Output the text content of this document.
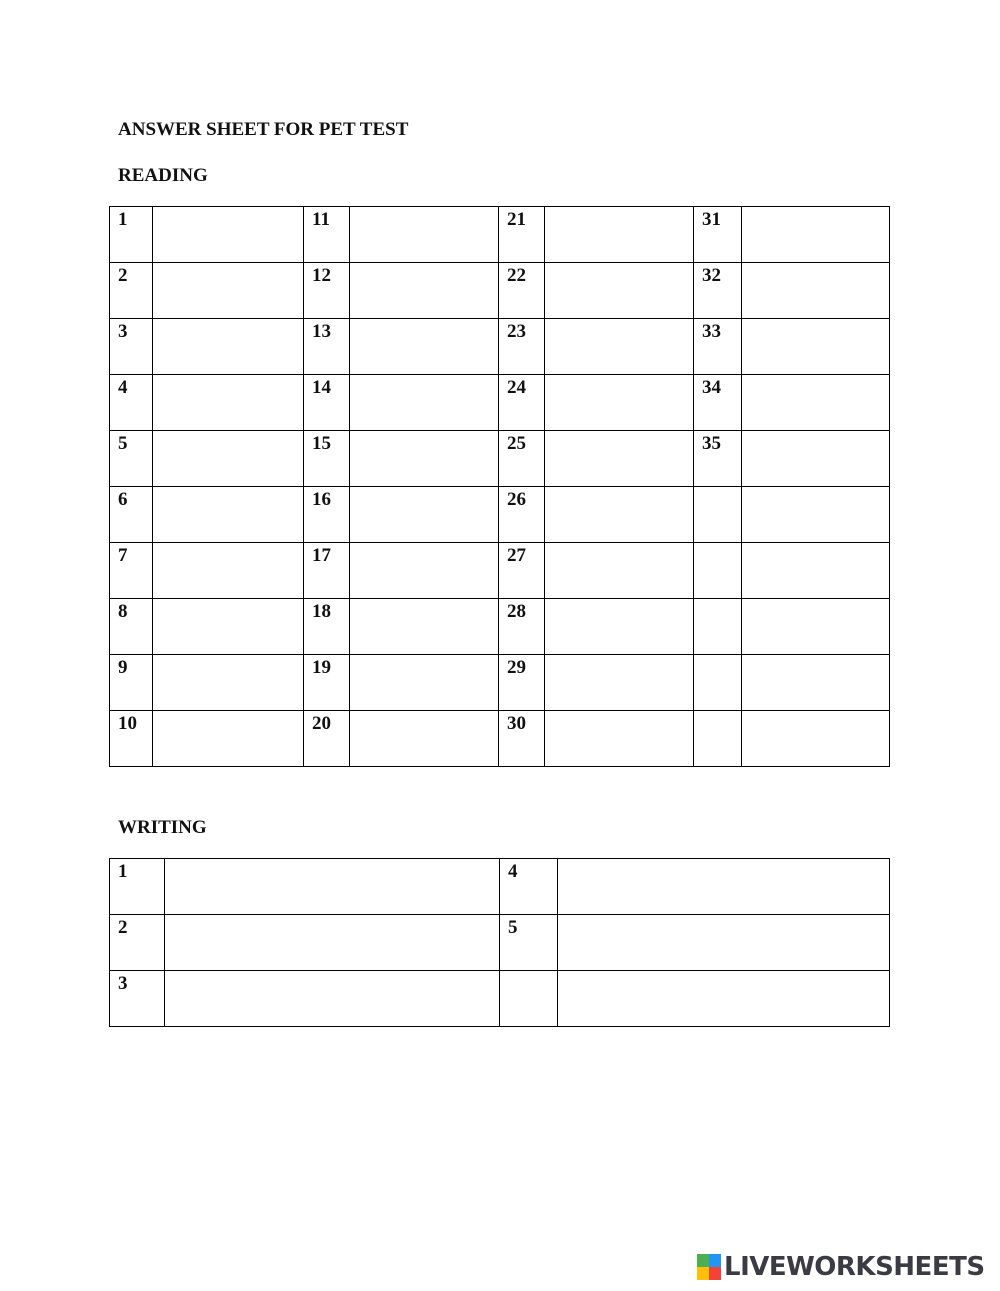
ANSWER SHEET FOR PET TEST
READING
1		11		21		31	
2		12		22		32	
3		13		23		33	
4		14		24		34	
5		15		25		35	
6		16		26			
7		17		27			
8		18		28			
9		19		29			
10		20		30			
WRITING
1		4	
2		5	
3			
LIVEWORKSHEETS
